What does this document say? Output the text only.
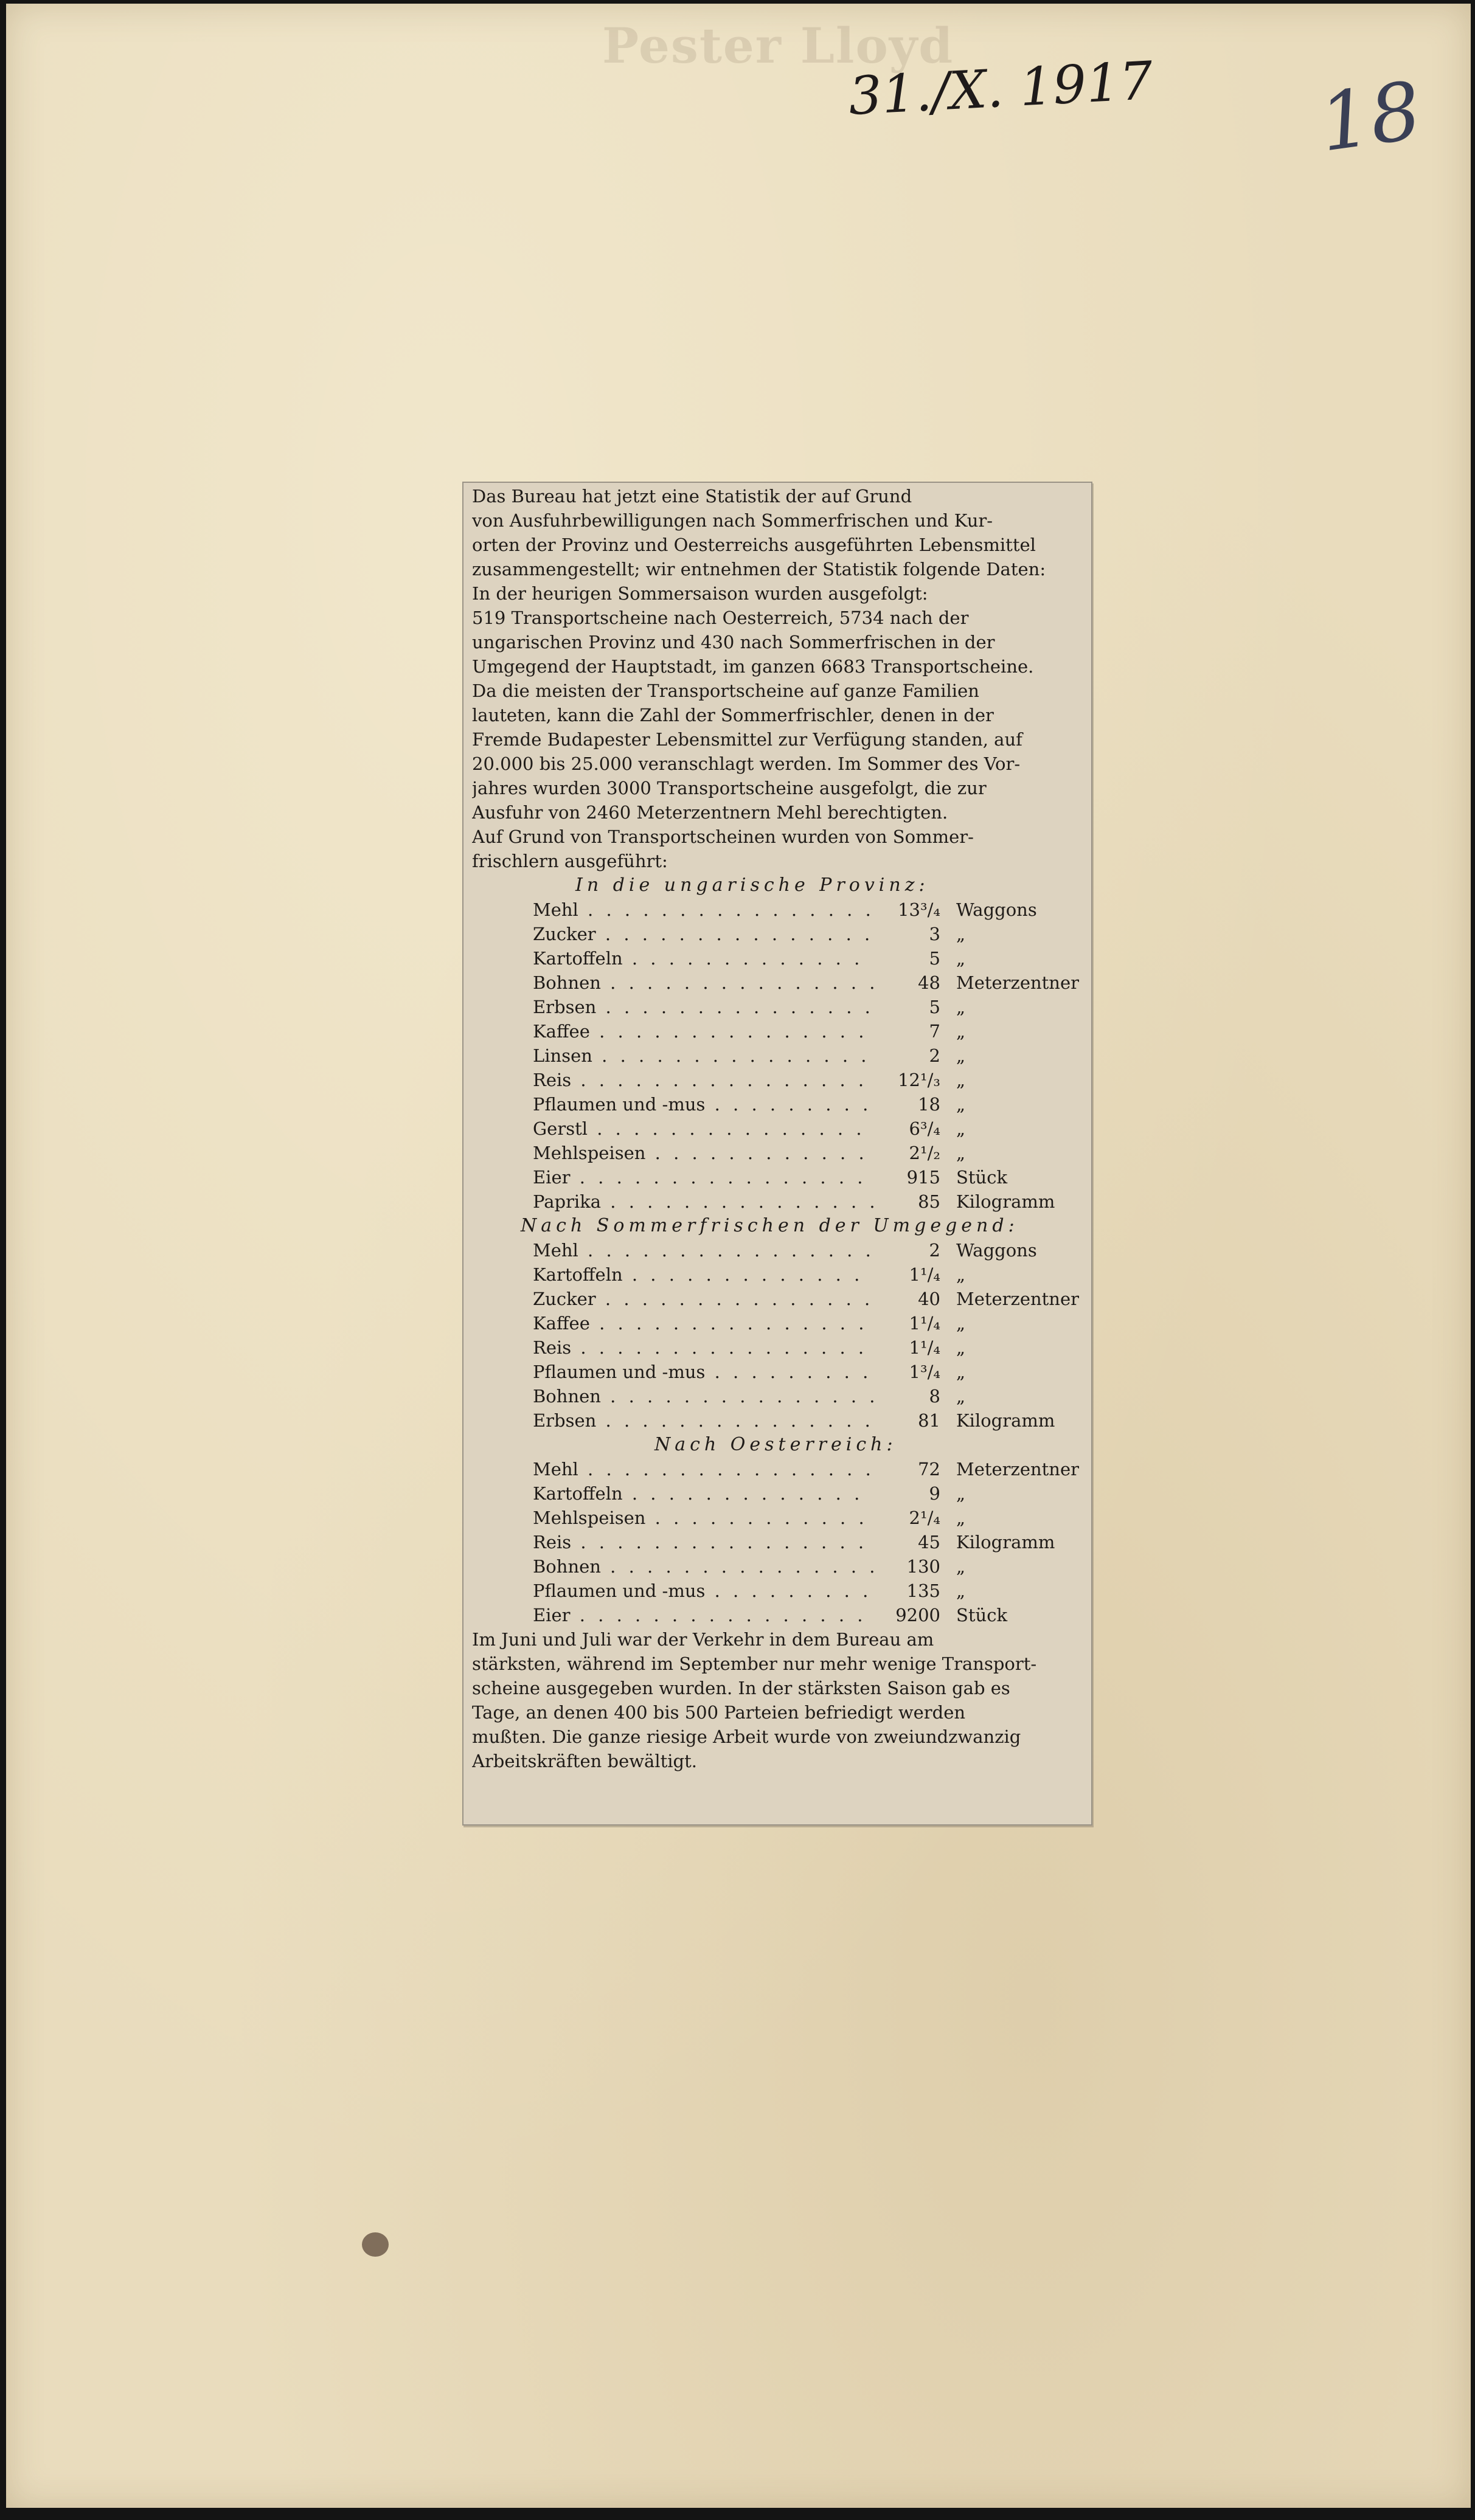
Pester Lloyd
31./X. 1917 18
Das Bureau hat jetzt eine Statistik der auf Grund
von Ausfuhrbewilligungen nach Sommerfrischen und Kur-
orten der Provinz und Oesterreichs ausgeführten Lebensmittel
zusammengestellt; wir entnehmen der Statistik folgende Daten:
In der heurigen Sommersaison wurden ausgefolgt:
519 Transportscheine nach Oesterreich, 5734 nach der
ungarischen Provinz und 430 nach Sommerfrischen in der
Umgegend der Hauptstadt, im ganzen 6683 Transportscheine.
Da die meisten der Transportscheine auf ganze Familien
lauteten, kann die Zahl der Sommerfrischler, denen in der
Fremde Budapester Lebensmittel zur Verfügung standen, auf
20.000 bis 25.000 veranschlagt werden. Im Sommer des Vor-
jahres wurden 3000 Transportscheine ausgefolgt, die zur
Ausfuhr von 2460 Meterzentnern Mehl berechtigten.
Auf Grund von Transportscheinen wurden von Sommer-
frischlern ausgeführt:
In die ungarische Provinz:
Mehl . . .	13³/₄ Waggons
Zucker . . .	3 „
Kartoffeln . . .	5 „
Bohnen . . .	48 Meterzentner
Erbsen . . .	5 „
Kaffee . . .	7 „
Linsen . . .	2 „
Reis . . .	12¹/₃ „
Pflaumen und -mus . . .	18 „
Gerstl . . .	6³/₄ „
Mehlspeisen . . .	2¹/₂ „
Eier . . .	915 Stück
Paprika . . .	85 Kilogramm
Nach Sommerfrischen der Umgegend:
Mehl . . .	2 Waggons
Kartoffeln . . .	1¹/₄ „
Zucker . . .	40 Meterzentner
Kaffee . . .	1¹/₄ „
Reis . . .	1¹/₄ „
Pflaumen und -mus . . .	1³/₄ „
Bohnen . . .	8 „
Erbsen . . .	81 Kilogramm
Nach Oesterreich:
Mehl . . .	72 Meterzentner
Kartoffeln . . .	9 „
Mehlspeisen . . .	2¹/₄ „
Reis . . .	45 Kilogramm
Bohnen . . .	130 „
Pflaumen und -mus . . .	135 „
Eier . . .	9200 Stück
Im Juni und Juli war der Verkehr in dem Bureau am
stärksten, während im September nur mehr wenige Transport-
scheine ausgegeben wurden. In der stärksten Saison gab es
Tage, an denen 400 bis 500 Parteien befriedigt werden
mußten. Die ganze riesige Arbeit wurde von zweiundzwanzig
Arbeitskräften bewältigt.
